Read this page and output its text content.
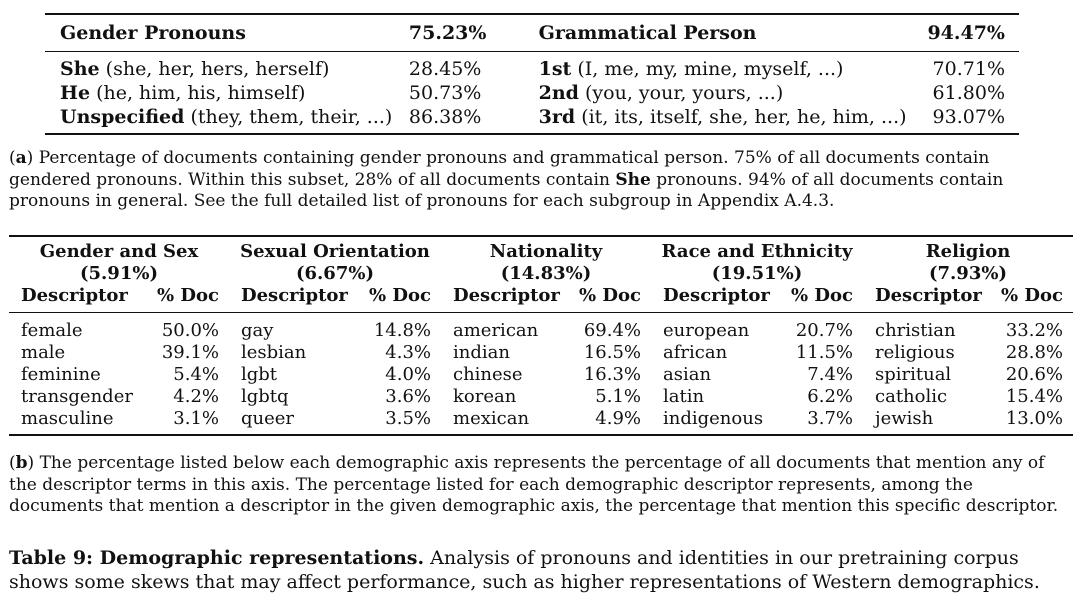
Gender Pronouns	75.23%	Grammatical Person	94.47%
She (she, her, hers, herself)	28.45%	1st (I, me, my, mine, myself, ...)	70.71%
He (he, him, his, himself)	50.73%	2nd (you, your, yours, ...)	61.80%
Unspecified (they, them, their, ...)	86.38%	3rd (it, its, itself, she, her, he, him, ...)	93.07%
(a) Percentage of documents containing gender pronouns and grammatical person. 75% of all documents contain gendered pronouns. Within this subset, 28% of all documents contain She pronouns. 94% of all documents contain pronouns in general. See the full detailed list of pronouns for each subgroup in Appendix A.4.3.
Gender and Sex		Sexual Orientation		Nationality		Race and Ethnicity		Religion	
(5.91%)		(6.67%)		(14.83%)		(19.51%)		(7.93%)	
Descriptor	% Doc	Descriptor	% Doc	Descriptor	% Doc	Descriptor	% Doc	Descriptor	% Doc
female	50.0%	gay	14.8%	american	69.4%	european	20.7%	christian	33.2%
male	39.1%	lesbian	4.3%	indian	16.5%	african	11.5%	religious	28.8%
feminine	5.4%	lgbt	4.0%	chinese	16.3%	asian	7.4%	spiritual	20.6%
transgender	4.2%	lgbtq	3.6%	korean	5.1%	latin	6.2%	catholic	15.4%
masculine	3.1%	queer	3.5%	mexican	4.9%	indigenous	3.7%	jewish	13.0%
(b) The percentage listed below each demographic axis represents the percentage of all documents that mention any of the descriptor terms in this axis. The percentage listed for each demographic descriptor represents, among the documents that mention a descriptor in the given demographic axis, the percentage that mention this specific descriptor.
Table 9: Demographic representations. Analysis of pronouns and identities in our pretraining corpus shows some skews that may affect performance, such as higher representations of Western demographics.
